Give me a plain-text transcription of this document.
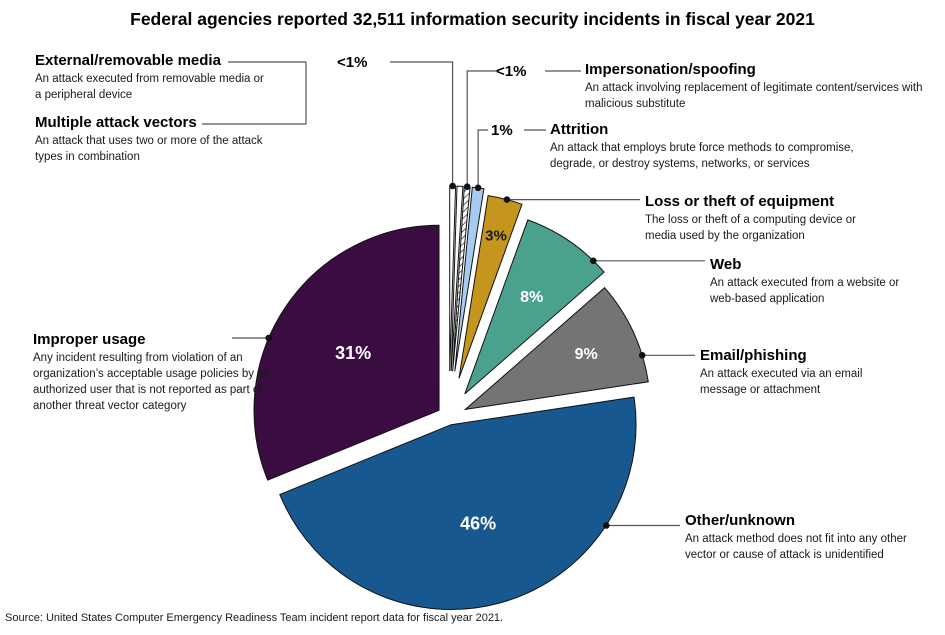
Federal agencies reported 32,511 information security incidents in fiscal year 2021
3%
8%
9%
46%
31%
<1%
<1%
1%
External/removable media
An attack executed from removable media or a peripheral device
Multiple attack vectors
An attack that uses two or more of the attack types in combination
Impersonation/spoofing
An attack involving replacement of legitimate content/services with malicious substitute
Attrition
An attack that employs brute force methods to compromise, degrade, or destroy systems, networks, or services
Loss or theft of equipment
The loss or theft of a computing device or media used by the organization
Web
An attack executed from a website or web-based application
Email/phishing
An attack executed via an email message or attachment
Other/unknown
An attack method does not fit into any other vector or cause of attack is unidentified
Improper usage
Any incident resulting from violation of an organization’s acceptable usage policies by an authorized user that is not reported as part of another threat vector category
Source: United States Computer Emergency Readiness Team incident report data for fiscal year 2021.
